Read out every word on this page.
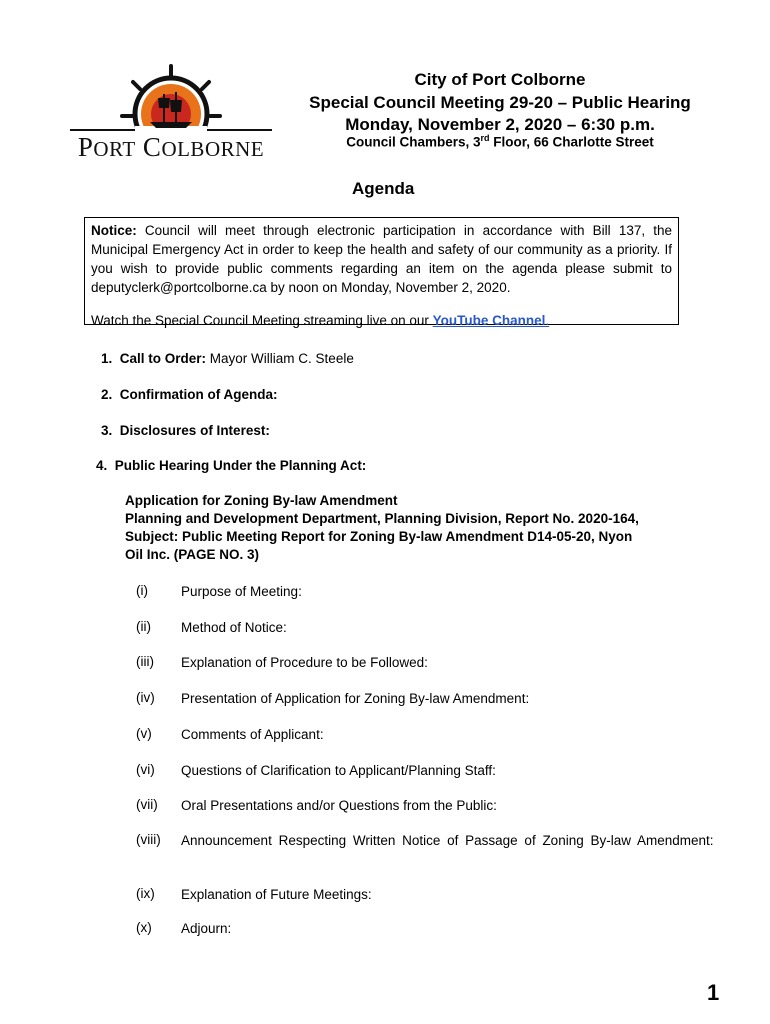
PORT COLBORNE
City of Port Colborne
Special Council Meeting 29-20 – Public Hearing
Monday, November 2, 2020 – 6:30 p.m.
Council Chambers, 3rd Floor, 66 Charlotte Street
Agenda

Notice: Council will meet through electronic participation in accordance with Bill 137, the Municipal Emergency Act in order to keep the health and safety of our community as a priority. If you wish to provide public comments regarding an item on the agenda please submit to deputyclerk@portcolborne.ca by noon on Monday, November 2, 2020.

Watch the Special Council Meeting streaming live on our YouTube Channel.

1. Call to Order: Mayor William C. Steele
2. Confirmation of Agenda:
3. Disclosures of Interest:
4. Public Hearing Under the Planning Act:
Application for Zoning By-law Amendment
Planning and Development Department, Planning Division, Report No. 2020-164,
Subject: Public Meeting Report for Zoning By-law Amendment D14-05-20, Nyon
Oil Inc. (PAGE NO. 3)
(i) Purpose of Meeting:
(ii) Method of Notice:
(iii) Explanation of Procedure to be Followed:
(iv) Presentation of Application for Zoning By-law Amendment:
(v) Comments of Applicant:
(vi) Questions of Clarification to Applicant/Planning Staff:
(vii) Oral Presentations and/or Questions from the Public:
(viii) Announcement Respecting Written Notice of Passage of Zoning By-law Amendment:
(ix) Explanation of Future Meetings:
(x) Adjourn:
1
